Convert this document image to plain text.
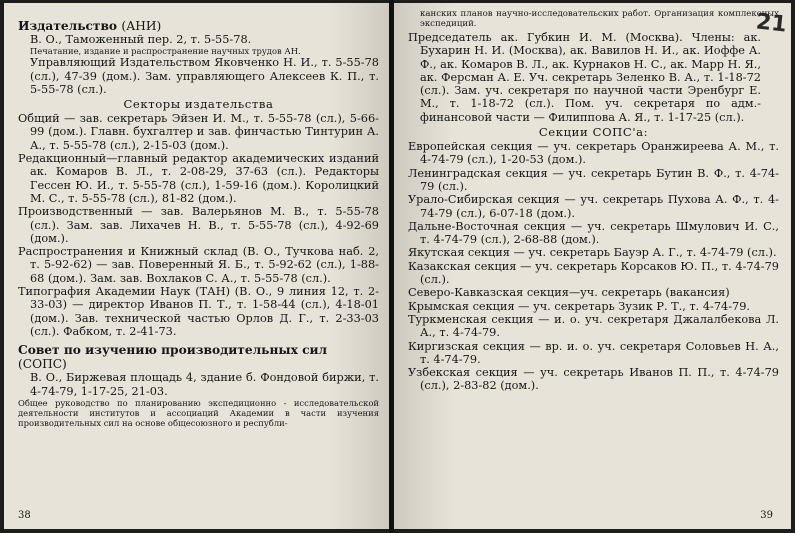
Издательство (АНИ)

В. О., Таможенный пер. 2, т. 5-55-78.

Печатание, издание и распространение научных трудов АН.

Управляющий Издательством Яковченко Н. И., т. 5-55-78 (сл.), 47-39 (дом.). Зам. управляющего Алексеев К. П., т. 5-55-78 (сл.).

Секторы издательства

Общий — зав. секретарь Эйзен И. М., т. 5-55-78 (сл.), 5-66-99 (дом.). Главн. бухгалтер и зав. финчастью Тинтурин А. А., т. 5-55-78 (сл.), 2-15-03 (дом.).

Редакционный—главный редактор академических изданий ак. Комаров В. Л., т. 2-08-29, 37-63 (сл.). Редакторы Гессен Ю. И., т. 5-55-78 (сл.), 1-59-16 (дом.). Королицкий М. С., т. 5-55-78 (сл.), 81-82 (дом.).

Производственный — зав. Валерьянов М. В., т. 5-55-78 (сл.). Зам. зав. Лихачев Н. В., т. 5-55-78 (сл.), 4-92-69 (дом.).

Распространения и Книжный склад (В. О., Тучкова наб. 2, т. 5-92-62) — зав. Поверенный Я. Б., т. 5-92-62 (сл.), 1-88-68 (дом.). Зам. зав. Вохлаков С. А., т. 5-55-78 (сл.).

Типография Академии Наук (ТАН) (В. О., 9 линия 12, т. 2-33-03) — директор Иванов П. Т., т. 1-58-44 (сл.), 4-18-01 (дом.). Зав. технической частью Орлов Д. Г., т. 2-33-03 (сл.). Фабком, т. 2-41-73.

Совет по изучению производительных сил (СОПС)

В. О., Биржевая площадь 4, здание б. Фондовой биржи, т. 4-74-79, 1-17-25, 21-03.

Общее руководство по планированию экспедиционно - исследовательской деятельности институтов и ассоциаций Академии в части изучения производительных сил на основе общесоюзного и республи-

38
21

канских планов научно-исследовательских работ. Организация комплексных экспедиций.

Председатель ак. Губкин И. М. (Москва). Члены: ак. Бухарин Н. И. (Москва), ак. Вавилов Н. И., ак. Иоффе А. Ф., ак. Комаров В. Л., ак. Курнаков Н. С., ак. Марр Н. Я., ак. Ферсман А. Е. Уч. секретарь Зеленко В. А., т. 1-18-72 (сл.). Зам. уч. секретаря по научной части Эренбург Е. М., т. 1-18-72 (сл.). Пом. уч. секретаря по адм.-финансовой части — Филиппова А. Я., т. 1-17-25 (сл.).

Секции СОПС'а:

Европейская секция — уч. секретарь Оранжиреева А. М., т. 4-74-79 (сл.), 1-20-53 (дом.).

Ленинградская секция — уч. секретарь Бутин В. Ф., т. 4-74-79 (сл.).

Урало-Сибирская секция — уч. секретарь Пухова А. Ф., т. 4-74-79 (сл.), 6-07-18 (дом.).

Дальне-Восточная секция — уч. секретарь Шмулович И. С., т. 4-74-79 (сл.), 2-68-88 (дом.).

Якутская секция — уч. секретарь Бауэр А. Г., т. 4-74-79 (сл.).

Казакская секция — уч. секретарь Корсаков Ю. П., т. 4-74-79 (сл.).

Северо-Кавказская секция—уч. секретарь (вакансия)

Крымская секция — уч. секретарь Зузик Р. Т., т. 4-74-79.

Туркменская секция — и. о. уч. секретаря Джалалбекова Л. А., т. 4-74-79.

Киргизская секция — вр. и. о. уч. секретаря Соловьев Н. А., т. 4-74-79.

Узбекская секция — уч. секретарь Иванов П. П., т. 4-74-79 (сл.), 2-83-82 (дом.).

39
